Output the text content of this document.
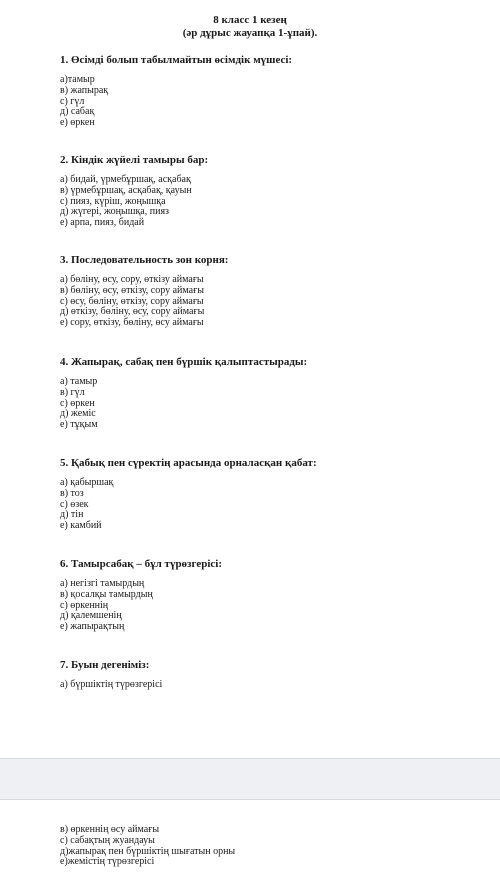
8 класс 1 кезең
(әр дұрыс жауапқа 1-ұпай).

1. Өсімді болып табылмайтын өсімдік мүшесі:

а)тамыр

в) жапырақ

с) гүл

д) сабақ

е) өркен

2. Кіндік жүйелі тамыры бар:

а) бидай, үрмебұршақ, асқабақ

в) үрмебұршақ, асқабақ, қауын

с) пияз, күріш, жоңышқа

д) жүгері, жоңышқа, пияз

е) арпа, пияз, бидай

3. Последовательность зон корня:

а) бөліну, өсу, сору, өткізу аймағы

в) бөліну, өсу, өткізу, сору аймағы

с) өсу, бөліну, өткізу, сору аймағы

д) өткізу, бөліну, өсу, сору аймағы

е) сору, өткізу, бөліну, өсу аймағы

4. Жапырақ, сабақ пен бүршік қалыптастырады:

а) тамыр

в) гүл

с) өркен

д) жеміс

е) тұқым

5. Қабық пен сүректің арасында орналасқан қабат:

а) қабыршақ

в) тоз

с) өзек

д) тін

е) камбий

6. Тамырсабақ – бұл түрөзгерісі:

а) негізгі тамырдың

в) қосалқы тамырдың

с) өркеннің

д) қалемшенің

е) жапырақтың

7. Буын дегеніміз:

а) бүршіктің түрөзгерісі

в) өркеннің өсу аймағы

с) сабақтың жуандауы

д)жапырақ пен бүршіктің шығатын орны

е)жемістің түрөзгерісі
